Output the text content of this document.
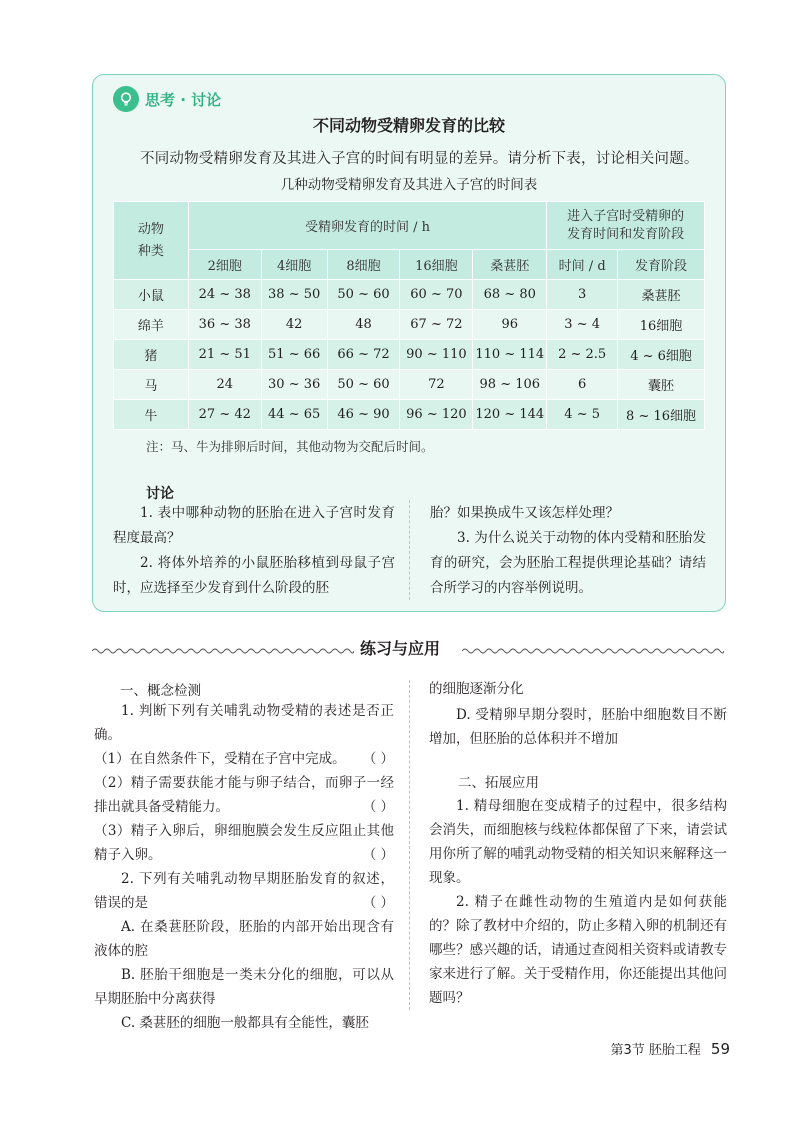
思考 · 讨论
不同动物受精卵发育的比较
不同动物受精卵发育及其进入子宫的时间有明显的差异。请分析下表，讨论相关问题。
几种动物受精卵发育及其进入子宫的时间表
动物
种类	受精卵发育的时间 / h					进入子宫时受精卵的
发育时间和发育阶段	
	2细胞	4细胞	8细胞	16细胞	桑葚胚	时间 / d	发育阶段
小鼠	24 ~ 38	38 ~ 50	50 ~ 60	60 ~ 70	68 ~ 80	3	桑葚胚
绵羊	36 ~ 38	42	48	67 ~ 72	96	3 ~ 4	16细胞
猪	21 ~ 51	51 ~ 66	66 ~ 72	90 ~ 110	110 ~ 114	2 ~ 2.5	4 ~ 6细胞
马	24	30 ~ 36	50 ~ 60	72	98 ~ 106	6	囊胚
牛	27 ~ 42	44 ~ 65	46 ~ 90	96 ~ 120	120 ~ 144	4 ~ 5	8 ~ 16细胞
注：马、牛为排卵后时间，其他动物为交配后时间。
讨论

1. 表中哪种动物的胚胎在进入子宫时发育程度最高？

2. 将体外培养的小鼠胚胎移植到母鼠子宫时，应选择至少发育到什么阶段的胚

胎？如果换成牛又该怎样处理？

3. 为什么说关于动物的体内受精和胚胎发育的研究，会为胚胎工程提供理论基础？请结合所学习的内容举例说明。

练习与应用
一、概念检测

1. 判断下列有关哺乳动物受精的表述是否正确。

（1）在自然条件下，受精在子宫中完成。 （ ）

（2）精子需要获能才能与卵子结合，而卵子一经排出就具备受精能力。	（ ）

（3）精子入卵后，卵细胞膜会发生反应阻止其他精子入卵。	（ ）

2. 下列有关哺乳动物早期胚胎发育的叙述，错误的是	（ ）

A. 在桑葚胚阶段，胚胎的内部开始出现含有液体的腔

B. 胚胎干细胞是一类未分化的细胞，可以从早期胚胎中分离获得

C. 桑葚胚的细胞一般都具有全能性，囊胚

的细胞逐渐分化

D. 受精卵早期分裂时，胚胎中细胞数目不断增加，但胚胎的总体积并不增加

二、拓展应用

1. 精母细胞在变成精子的过程中，很多结构会消失，而细胞核与线粒体都保留了下来，请尝试用你所了解的哺乳动物受精的相关知识来解释这一现象。

2. 精子在雌性动物的生殖道内是如何获能的？除了教材中介绍的，防止多精入卵的机制还有哪些？感兴趣的话，请通过查阅相关资料或请教专家来进行了解。关于受精作用，你还能提出其他问题吗？

第3节 胚胎工程 59
